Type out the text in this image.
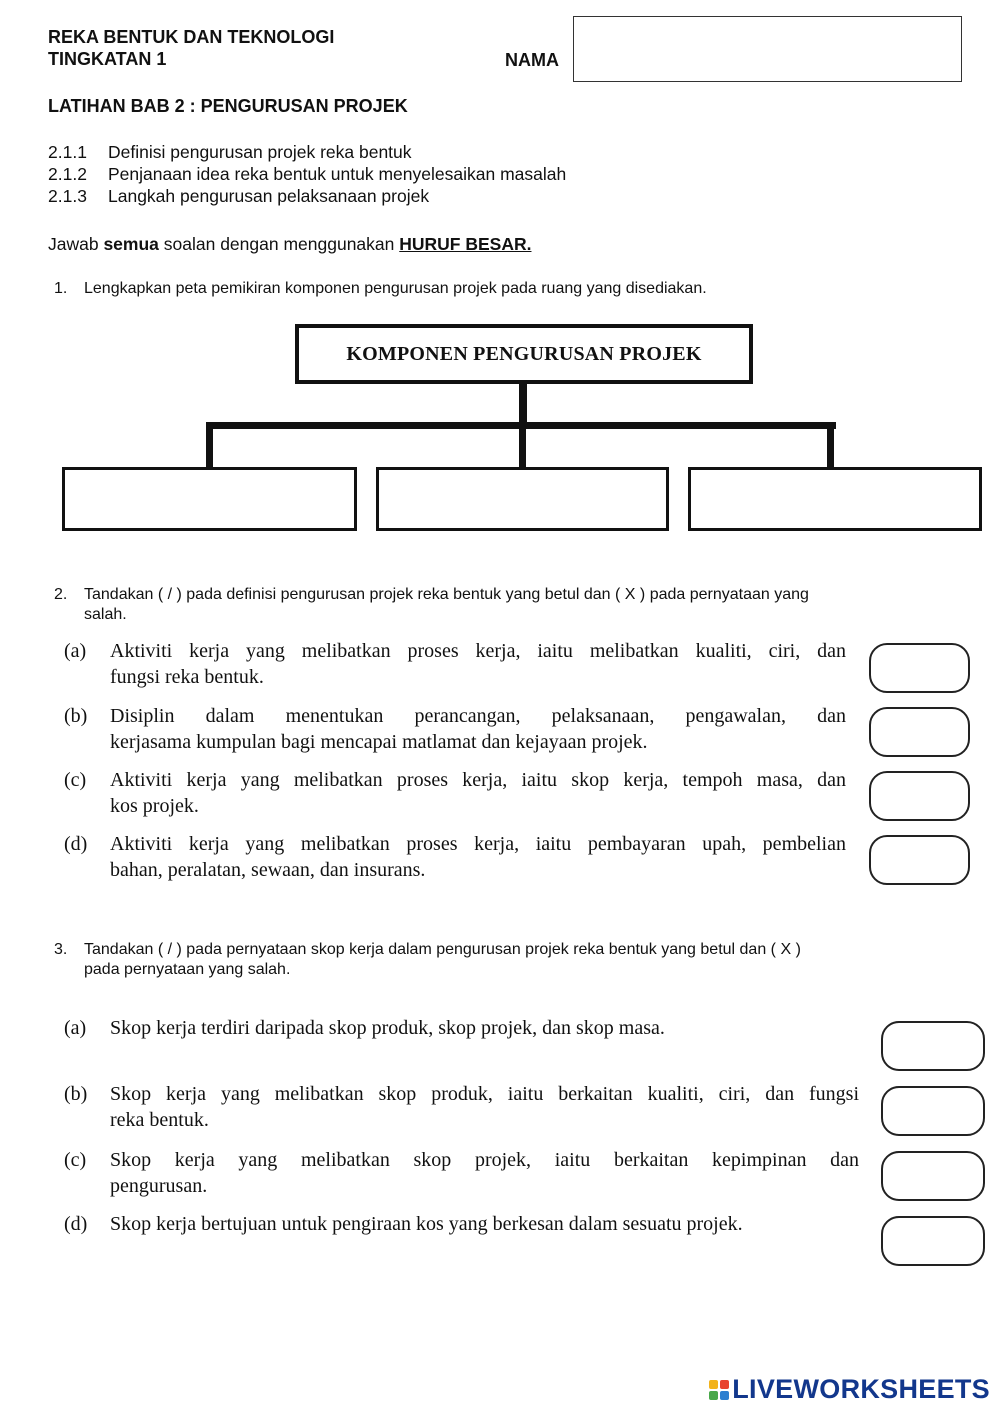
REKA BENTUK DAN TEKNOLOGI
TINGKATAN 1	NAMA
LATIHAN BAB 2 : PENGURUSAN PROJEK
2.1.1	Definisi pengurusan projek reka bentuk
2.1.2	Penjanaan idea reka bentuk untuk menyelesaikan masalah
2.1.3	Langkah pengurusan pelaksanaan projek
Jawab semua soalan dengan menggunakan HURUF BESAR.
1. Lengkapkan peta pemikiran komponen pengurusan projek pada ruang yang disediakan.
KOMPONEN PENGURUSAN PROJEK
2. Tandakan ( / ) pada definisi pengurusan projek reka bentuk yang betul dan ( X ) pada pernyataan yang
salah.
(a)	Aktiviti kerja yang melibatkan proses kerja, iaitu melibatkan kualiti, ciri, dan
fungsi reka bentuk.
(b)	Disiplin dalam menentukan perancangan, pelaksanaan, pengawalan, dan
kerjasama kumpulan bagi mencapai matlamat dan kejayaan projek.
(c)	Aktiviti kerja yang melibatkan proses kerja, iaitu skop kerja, tempoh masa, dan
kos projek.
(d)	Aktiviti kerja yang melibatkan proses kerja, iaitu pembayaran upah, pembelian
bahan, peralatan, sewaan, dan insurans.
3. Tandakan ( / ) pada pernyataan skop kerja dalam pengurusan projek reka bentuk yang betul dan ( X )
pada pernyataan yang salah.
(a)	Skop kerja terdiri daripada skop produk, skop projek, dan skop masa.
(b)	Skop kerja yang melibatkan skop produk, iaitu berkaitan kualiti, ciri, dan fungsi
reka bentuk.
(c)	Skop kerja yang melibatkan skop projek, iaitu berkaitan kepimpinan dan
pengurusan.
(d)	Skop kerja bertujuan untuk pengiraan kos yang berkesan dalam sesuatu projek.
LIVEWORKSHEETS
